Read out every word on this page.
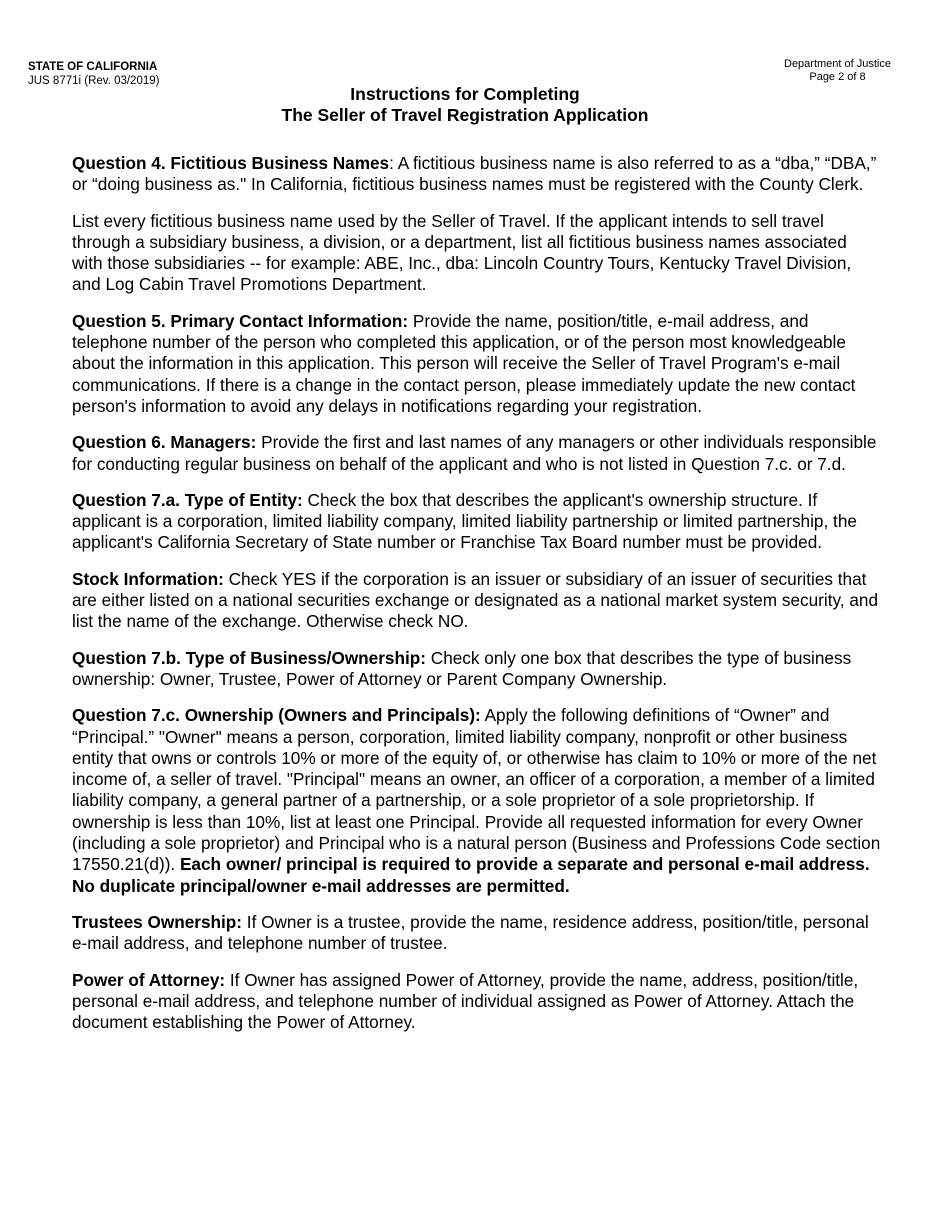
STATE OF CALIFORNIA
JUS 8771i (Rev. 03/2019)
Department of Justice
Page 2 of 8
Instructions for Completing
The Seller of Travel Registration Application

Question 4. Fictitious Business Names: A fictitious business name is also referred to as a “dba,” “DBA,” or “doing business as." In California, fictitious business names must be registered with the County Clerk.

List every fictitious business name used by the Seller of Travel. If the applicant intends to sell travel through a subsidiary business, a division, or a department, list all fictitious business names associated with those subsidiaries -- for example: ABE, Inc., dba: Lincoln Country Tours, Kentucky Travel Division, and Log Cabin Travel Promotions Department.

Question 5. Primary Contact Information: Provide the name, position/title, e-mail address, and telephone number of the person who completed this application, or of the person most knowledgeable about the information in this application. This person will receive the Seller of Travel Program's e-mail communications. If there is a change in the contact person, please immediately update the new contact person's information to avoid any delays in notifications regarding your registration.

Question 6. Managers: Provide the first and last names of any managers or other individuals responsible for conducting regular business on behalf of the applicant and who is not listed in Question 7.c. or 7.d.

Question 7.a. Type of Entity: Check the box that describes the applicant's ownership structure. If applicant is a corporation, limited liability company, limited liability partnership or limited partnership, the applicant's California Secretary of State number or Franchise Tax Board number must be provided.

Stock Information: Check YES if the corporation is an issuer or subsidiary of an issuer of securities that are either listed on a national securities exchange or designated as a national market system security, and list the name of the exchange. Otherwise check NO.

Question 7.b. Type of Business/Ownership: Check only one box that describes the type of business ownership: Owner, Trustee, Power of Attorney or Parent Company Ownership.

Question 7.c. Ownership (Owners and Principals): Apply the following definitions of “Owner” and “Principal.” "Owner" means a person, corporation, limited liability company, nonprofit or other business entity that owns or controls 10% or more of the equity of, or otherwise has claim to 10% or more of the net income of, a seller of travel. "Principal" means an owner, an officer of a corporation, a member of a limited liability company, a general partner of a partnership, or a sole proprietor of a sole proprietorship. If ownership is less than 10%, list at least one Principal. Provide all requested information for every Owner (including a sole proprietor) and Principal who is a natural person (Business and Professions Code section 17550.21(d)). Each owner/ principal is required to provide a separate and personal e-mail address. No duplicate principal/owner e-mail addresses are permitted.

Trustees Ownership: If Owner is a trustee, provide the name, residence address, position/title, personal e-mail address, and telephone number of trustee.

Power of Attorney: If Owner has assigned Power of Attorney, provide the name, address, position/title, personal e-mail address, and telephone number of individual assigned as Power of Attorney. Attach the document establishing the Power of Attorney.
